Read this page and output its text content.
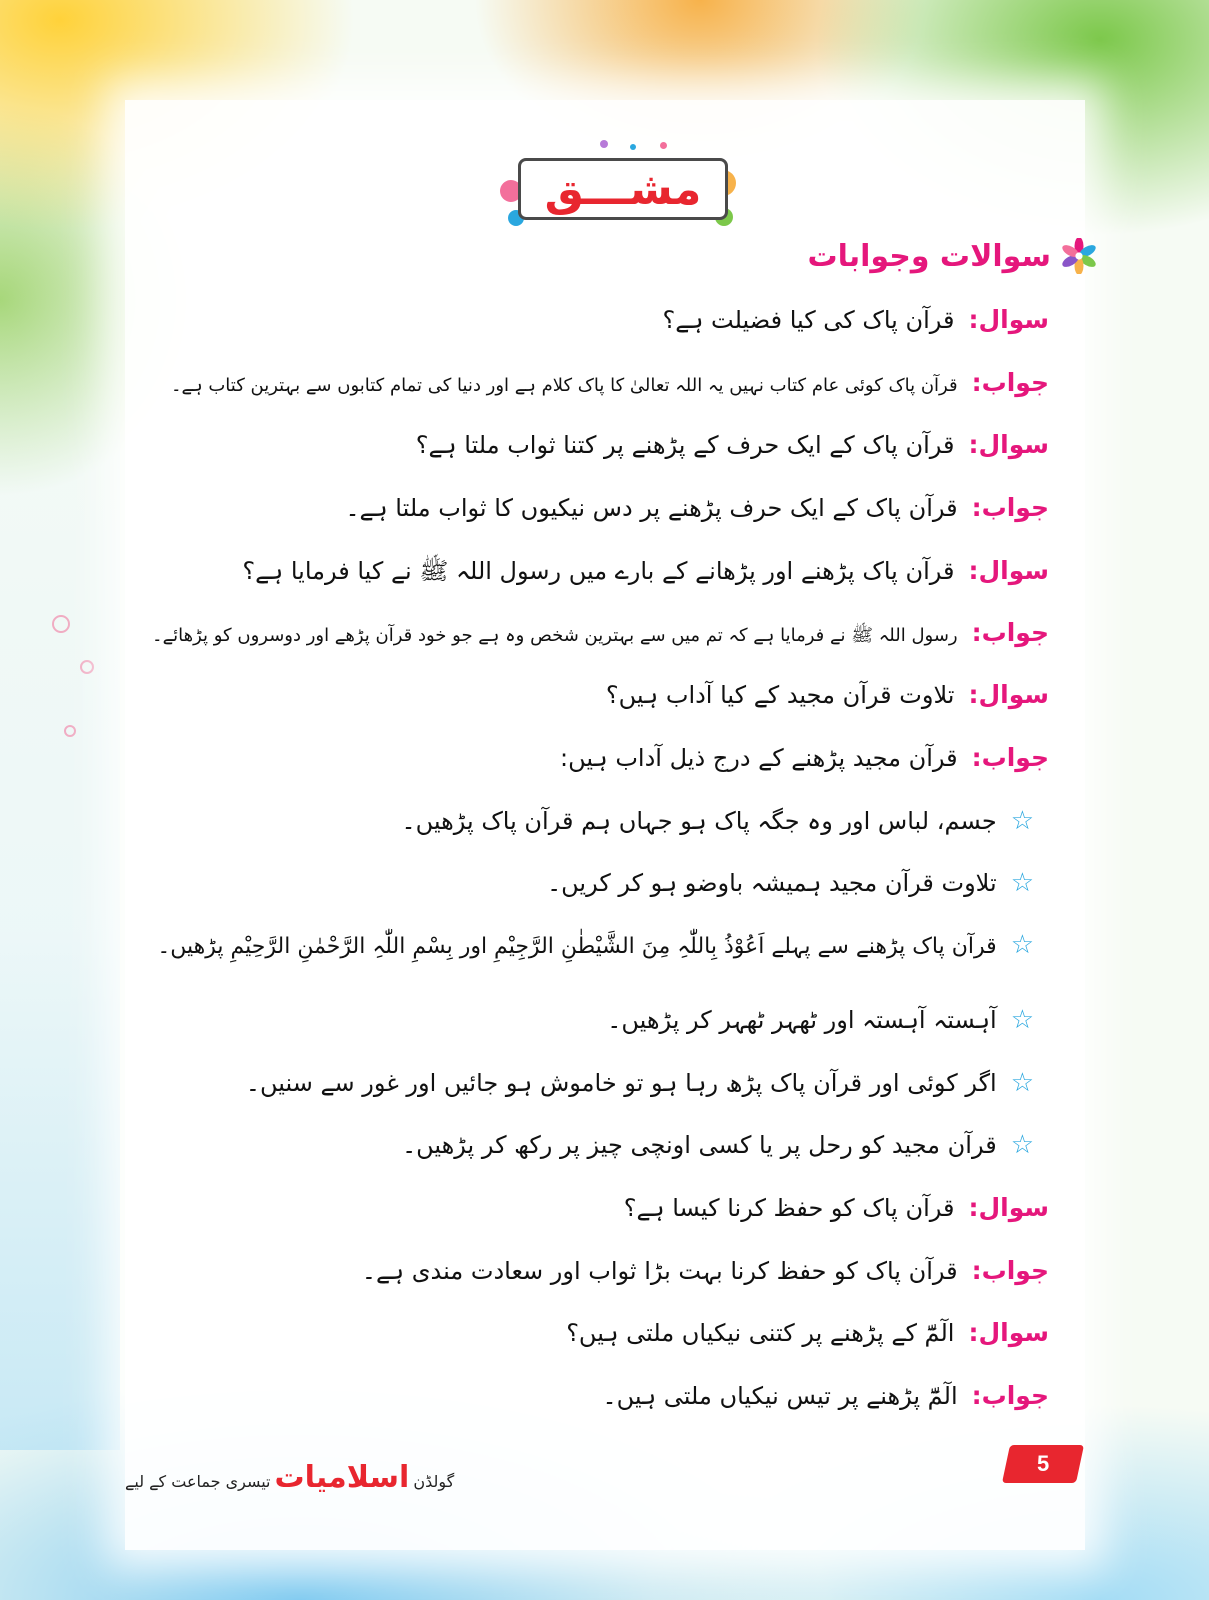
مشـــق
سوالات وجوابات
سوال:
قرآن پاک کی کیا فضیلت ہے؟
جواب:
قرآن پاک کوئی عام کتاب نہیں یہ اللہ تعالیٰ کا پاک کلام ہے اور دنیا کی تمام کتابوں سے بہترین کتاب ہے۔
سوال:
قرآن پاک کے ایک حرف کے پڑھنے پر کتنا ثواب ملتا ہے؟
جواب:
قرآن پاک کے ایک حرف پڑھنے پر دس نیکیوں کا ثواب ملتا ہے۔
سوال:
قرآن پاک پڑھنے اور پڑھانے کے بارے میں رسول اللہ ﷺ نے کیا فرمایا ہے؟
جواب:
رسول اللہ ﷺ نے فرمایا ہے کہ تم میں سے بہترین شخص وہ ہے جو خود قرآن پڑھے اور دوسروں کو پڑھائے۔
سوال:
تلاوت قرآن مجید کے کیا آداب ہیں؟
جواب:
قرآن مجید پڑھنے کے درج ذیل آداب ہیں:
☆
جسم، لباس اور وہ جگہ پاک ہو جہاں ہم قرآن پاک پڑھیں۔
☆
تلاوت قرآن مجید ہمیشہ باوضو ہو کر کریں۔
☆
قرآن پاک پڑھنے سے پہلے اَعُوْذُ بِاللّٰہِ مِنَ الشَّیْطٰنِ الرَّجِیْمِ اور بِسْمِ اللّٰہِ الرَّحْمٰنِ الرَّحِیْمِ پڑھیں۔
☆
آہستہ آہستہ اور ٹھہر ٹھہر کر پڑھیں۔
☆
اگر کوئی اور قرآن پاک پڑھ رہا ہو تو خاموش ہو جائیں اور غور سے سنیں۔
☆
قرآن مجید کو رحل پر یا کسی اونچی چیز پر رکھ کر پڑھیں۔
سوال:
قرآن پاک کو حفظ کرنا کیسا ہے؟
جواب:
قرآن پاک کو حفظ کرنا بہت بڑا ثواب اور سعادت مندی ہے۔
سوال:
الٓمّٓ کے پڑھنے پر کتنی نیکیاں ملتی ہیں؟
جواب:
الٓمّٓ پڑھنے پر تیس نیکیاں ملتی ہیں۔
گولڈن
اسلامیات
تیسری جماعت کے لیے
5
